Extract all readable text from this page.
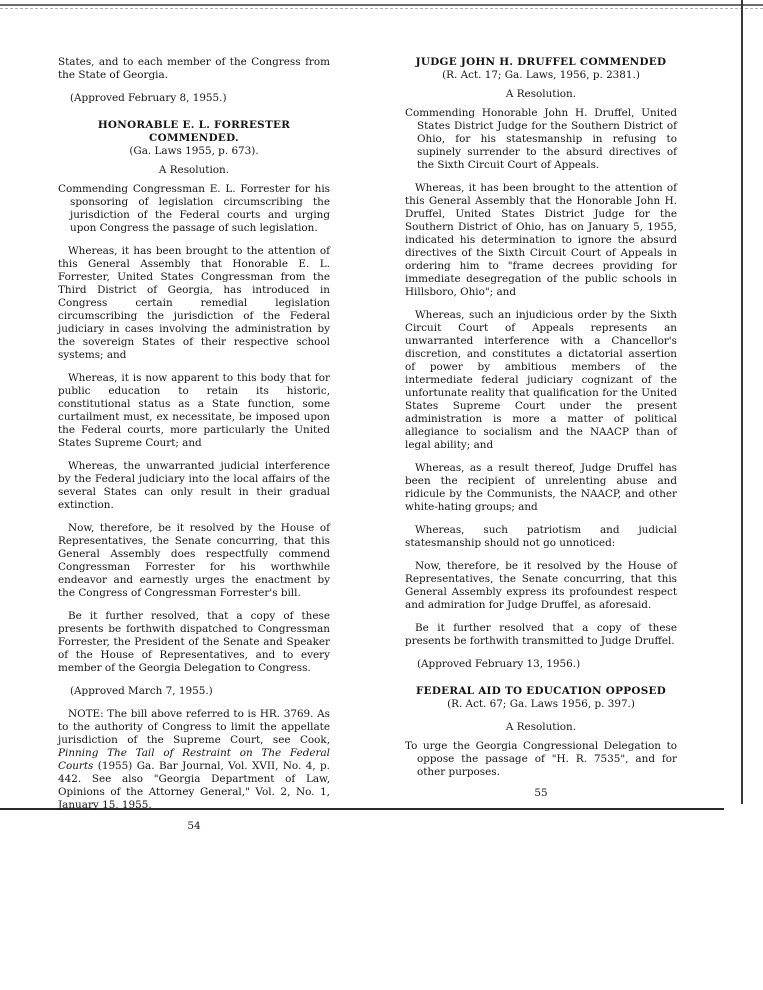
States, and to each member of the Congress from the State of Georgia.

(Approved February 8, 1955.)

HONORABLE E. L. FORRESTER COMMENDED.

(Ga. Laws 1955, p. 673).

A Resolution.

Commending Congressman E. L. Forrester for his sponsoring of legislation circumscribing the jurisdiction of the Federal courts and urging upon Congress the passage of such legislation.

Whereas, it has been brought to the attention of this General Assembly that Honorable E. L. Forrester, United States Congressman from the Third District of Georgia, has introduced in Congress certain remedial legislation circumscribing the jurisdiction of the Federal judiciary in cases involving the administration by the sovereign States of their respective school systems; and

Whereas, it is now apparent to this body that for public education to retain its historic, constitutional status as a State function, some curtailment must, ex necessitate, be imposed upon the Federal courts, more particularly the United States Supreme Court; and

Whereas, the unwarranted judicial interference by the Federal judiciary into the local affairs of the several States can only result in their gradual extinction.

Now, therefore, be it resolved by the House of Representatives, the Senate concurring, that this General Assembly does respectfully commend Congressman Forrester for his worthwhile endeavor and earnestly urges the enactment by the Congress of Congressman Forrester's bill.

Be it further resolved, that a copy of these presents be forthwith dispatched to Congressman Forrester, the President of the Senate and Speaker of the House of Representatives, and to every member of the Georgia Delegation to Congress.

(Approved March 7, 1955.)

NOTE: The bill above referred to is HR. 3769. As to the authority of Congress to limit the appellate jurisdiction of the Supreme Court, see Cook, Pinning The Tail of Restraint on The Federal Courts (1955) Ga. Bar Journal, Vol. XVII, No. 4, p. 442. See also "Georgia Department of Law, Opinions of the Attorney General," Vol. 2, No. 1, January 15, 1955.

54

JUDGE JOHN H. DRUFFEL COMMENDED

(R. Act. 17; Ga. Laws, 1956, p. 2381.)

A Resolution.

Commending Honorable John H. Druffel, United States District Judge for the Southern District of Ohio, for his statesmanship in refusing to supinely surrender to the absurd directives of the Sixth Circuit Court of Appeals.

Whereas, it has been brought to the attention of this General Assembly that the Honorable John H. Druffel, United States District Judge for the Southern District of Ohio, has on January 5, 1955, indicated his determination to ignore the absurd directives of the Sixth Circuit Court of Appeals in ordering him to "frame decrees providing for immediate desegregation of the public schools in Hillsboro, Ohio"; and

Whereas, such an injudicious order by the Sixth Circuit Court of Appeals represents an unwarranted interference with a Chancellor's discretion, and constitutes a dictatorial assertion of power by ambitious members of the intermediate federal judiciary cognizant of the unfortunate reality that qualification for the United States Supreme Court under the present administration is more a matter of political allegiance to socialism and the NAACP than of legal ability; and

Whereas, as a result thereof, Judge Druffel has been the recipient of unrelenting abuse and ridicule by the Communists, the NAACP, and other white-hating groups; and

Whereas, such patriotism and judicial statesmanship should not go unnoticed:

Now, therefore, be it resolved by the House of Representatives, the Senate concurring, that this General Assembly express its profoundest respect and admiration for Judge Druffel, as aforesaid.

Be it further resolved that a copy of these presents be forthwith transmitted to Judge Druffel.

(Approved February 13, 1956.)

FEDERAL AID TO EDUCATION OPPOSED

(R. Act. 67; Ga. Laws 1956, p. 397.)

A Resolution.

To urge the Georgia Congressional Delegation to oppose the passage of "H. R. 7535", and for other purposes.

55
